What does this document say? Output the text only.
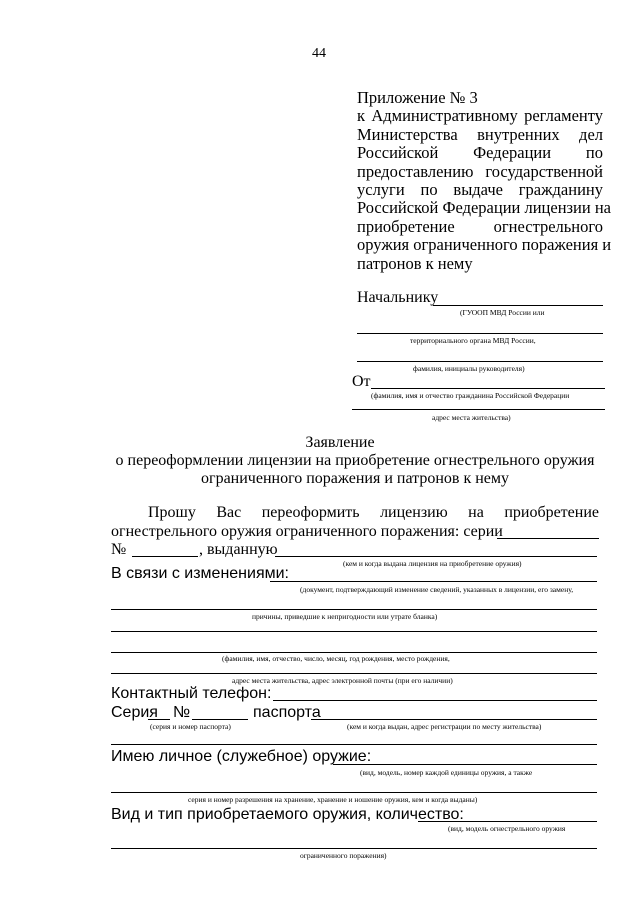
44
Приложение № 3
к Административному регламенту
Министерства внутренних дел
Российской Федерации по
предоставлению государственной
услуги по выдаче гражданину
Российской Федерации лицензии на
приобретение огнестрельного
оружия ограниченного поражения и
патронов к нему
Начальнику
(ГУООП МВД России или
территориального органа МВД России,
фамилия, инициалы руководителя)
От
(фамилия, имя и отчество гражданина Российской Федерации
адрес места жительства)
Заявление
о переоформлении лицензии на приобретение огнестрельного оружия
ограниченного поражения и патронов к нему
Прошу Вас переоформить лицензию на приобретение
огнестрельного оружия ограниченного поражения: серии
№	, выданную
(кем и когда выдана лицензия на приобретение оружия)
В связи с изменениями:
(документ, подтверждающий изменение сведений, указанных в лицензии, его замену,
причины, приведшие к непригодности или утрате бланка)
(фамилия, имя, отчество, число, месяц, год рождения, место рождения,
адрес места жительства, адрес электронной почты (при его наличии)
Контактный телефон:
Серия №	паспорта
(серия и номер паспорта)	(кем и когда выдан, адрес регистрации по месту жительства)
Имею личное (служебное) оружие:
(вид, модель, номер каждой единицы оружия, а также
серия и номер разрешения на хранение, хранение и ношение оружия, кем и когда выданы)
Вид и тип приобретаемого оружия, количество:
(вид, модель огнестрельного оружия
ограниченного поражения)
